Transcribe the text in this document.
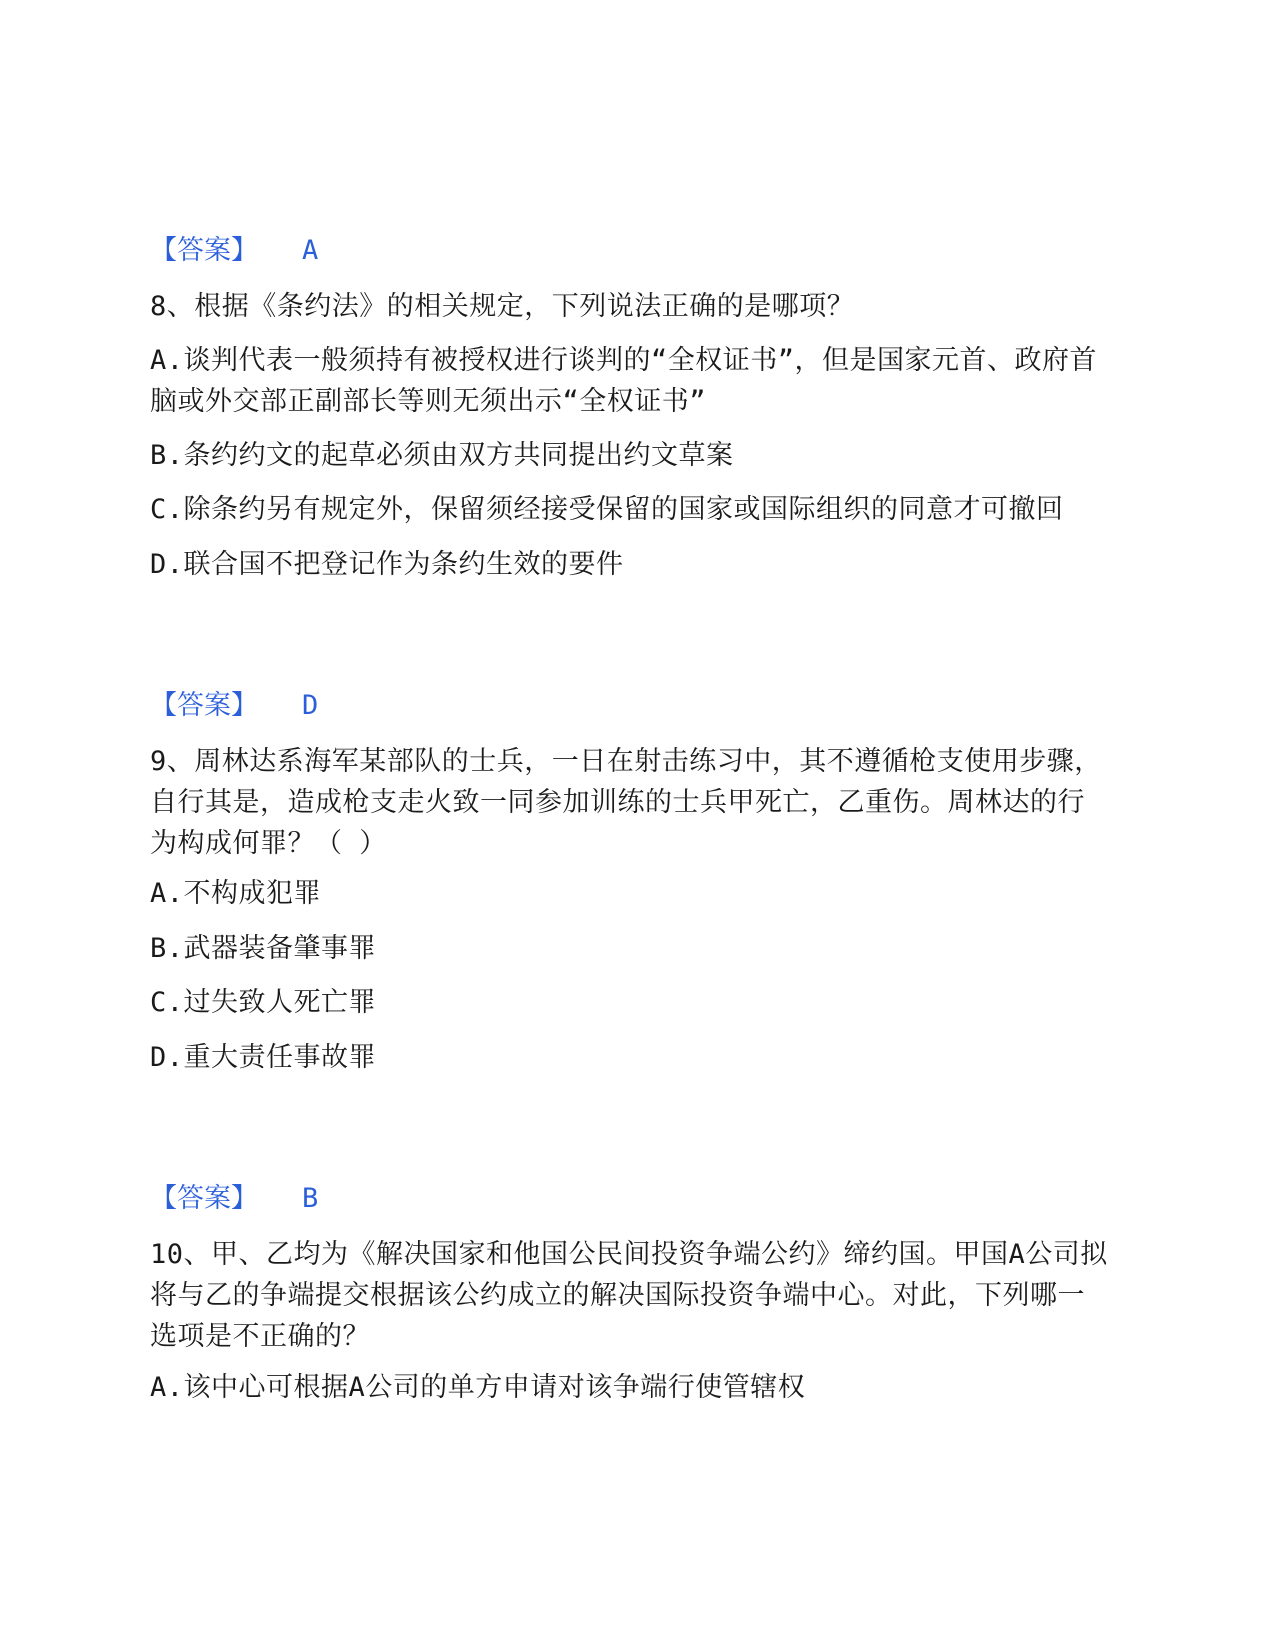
【答案】 A
8、根据《条约法》的相关规定，下列说法正确的是哪项？
A.谈判代表一般须持有被授权进行谈判的“全权证书”，但是国家元首、政府首脑或外交部正副部长等则无须出示“全权证书”
B.条约约文的起草必须由双方共同提出约文草案
C.除条约另有规定外，保留须经接受保留的国家或国际组织的同意才可撤回
D.联合国不把登记作为条约生效的要件
【答案】 D
9、周林达系海军某部队的士兵，一日在射击练习中，其不遵循枪支使用步骤，自行其是，造成枪支走火致一同参加训练的士兵甲死亡，乙重伤。周林达的行为构成何罪？（ ）
A.不构成犯罪
B.武器装备肇事罪
C.过失致人死亡罪
D.重大责任事故罪
【答案】 B
10、甲、乙均为《解决国家和他国公民间投资争端公约》缔约国。甲国A公司拟将与乙的争端提交根据该公约成立的解决国际投资争端中心。对此，下列哪一选项是不正确的？
A.该中心可根据A公司的单方申请对该争端行使管辖权
